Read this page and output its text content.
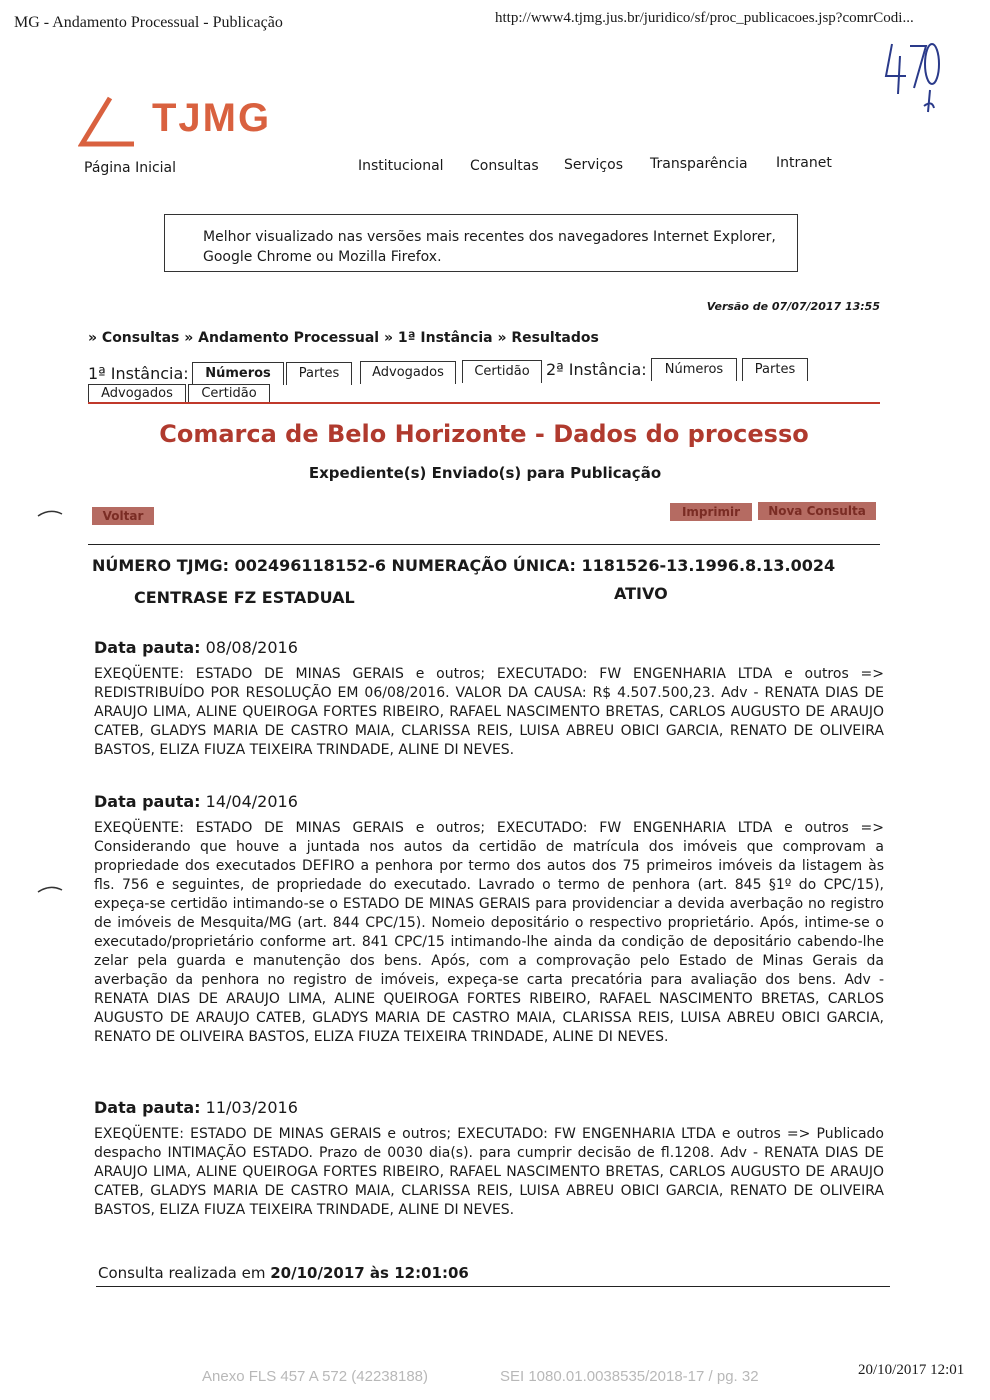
MG - Andamento Processual - Publicação	http://www4.tjmg.jus.br/juridico/sf/proc_publicacoes.jsp?comrCodi...
TJMG
Página Inicial	Institucional Consultas Serviços Transparência Intranet
Melhor visualizado nas versões mais recentes dos navegadores Internet Explorer, Google Chrome ou Mozilla Firefox.
Versão de 07/07/2017 13:55
» Consultas » Andamento Processual » 1ª Instância » Resultados
1ª Instância:	Números	Partes	Advogados	Certidão	2ª Instância:	Números	Partes
Advogados	Certidão
Comarca de Belo Horizonte - Dados do processo
Expediente(s) Enviado(s) para Publicação
Voltar	Imprimir	Nova Consulta
NÚMERO TJMG: 002496118152-6 NUMERAÇÃO ÚNICA: 1181526-13.1996.8.13.0024
CENTRASE FZ ESTADUAL	ATIVO
Data pauta: 08/08/2016
EXEQÜENTE: ESTADO DE MINAS GERAIS e outros; EXECUTADO: FW ENGENHARIA LTDA e outros => REDISTRIBUÍDO POR RESOLUÇÃO EM 06/08/2016. VALOR DA CAUSA: R$ 4.507.500,23. Adv - RENATA DIAS DE ARAUJO LIMA, ALINE QUEIROGA FORTES RIBEIRO, RAFAEL NASCIMENTO BRETAS, CARLOS AUGUSTO DE ARAUJO CATEB, GLADYS MARIA DE CASTRO MAIA, CLARISSA REIS, LUISA ABREU OBICI GARCIA, RENATO DE OLIVEIRA BASTOS, ELIZA FIUZA TEIXEIRA TRINDADE, ALINE DI NEVES.
Data pauta: 14/04/2016
EXEQÜENTE: ESTADO DE MINAS GERAIS e outros; EXECUTADO: FW ENGENHARIA LTDA e outros => Considerando que houve a juntada nos autos da certidão de matrícula dos imóveis que comprovam a propriedade dos executados DEFIRO a penhora por termo dos autos dos 75 primeiros imóveis da listagem às fls. 756 e seguintes, de propriedade do executado. Lavrado o termo de penhora (art. 845 §1º do CPC/15), expeça-se certidão intimando-se o ESTADO DE MINAS GERAIS para providenciar a devida averbação no registro de imóveis de Mesquita/MG (art. 844 CPC/15). Nomeio depositário o respectivo proprietário. Após, intime-se o executado/proprietário conforme art. 841 CPC/15 intimando-lhe ainda da condição de depositário cabendo-lhe zelar pela guarda e manutenção dos bens. Após, com a comprovação pelo Estado de Minas Gerais da averbação da penhora no registro de imóveis, expeça-se carta precatória para avaliação dos bens. Adv - RENATA DIAS DE ARAUJO LIMA, ALINE QUEIROGA FORTES RIBEIRO, RAFAEL NASCIMENTO BRETAS, CARLOS AUGUSTO DE ARAUJO CATEB, GLADYS MARIA DE CASTRO MAIA, CLARISSA REIS, LUISA ABREU OBICI GARCIA, RENATO DE OLIVEIRA BASTOS, ELIZA FIUZA TEIXEIRA TRINDADE, ALINE DI NEVES.
Data pauta: 11/03/2016
EXEQÜENTE: ESTADO DE MINAS GERAIS e outros; EXECUTADO: FW ENGENHARIA LTDA e outros => Publicado despacho INTIMAÇÃO ESTADO. Prazo de 0030 dia(s). para cumprir decisão de fl.1208. Adv - RENATA DIAS DE ARAUJO LIMA, ALINE QUEIROGA FORTES RIBEIRO, RAFAEL NASCIMENTO BRETAS, CARLOS AUGUSTO DE ARAUJO CATEB, GLADYS MARIA DE CASTRO MAIA, CLARISSA REIS, LUISA ABREU OBICI GARCIA, RENATO DE OLIVEIRA BASTOS, ELIZA FIUZA TEIXEIRA TRINDADE, ALINE DI NEVES.
Consulta realizada em 20/10/2017 às 12:01:06
Anexo FLS 457 A 572 (42238188)	SEI 1080.01.0038535/2018-17 / pg. 32	20/10/2017 12:01
